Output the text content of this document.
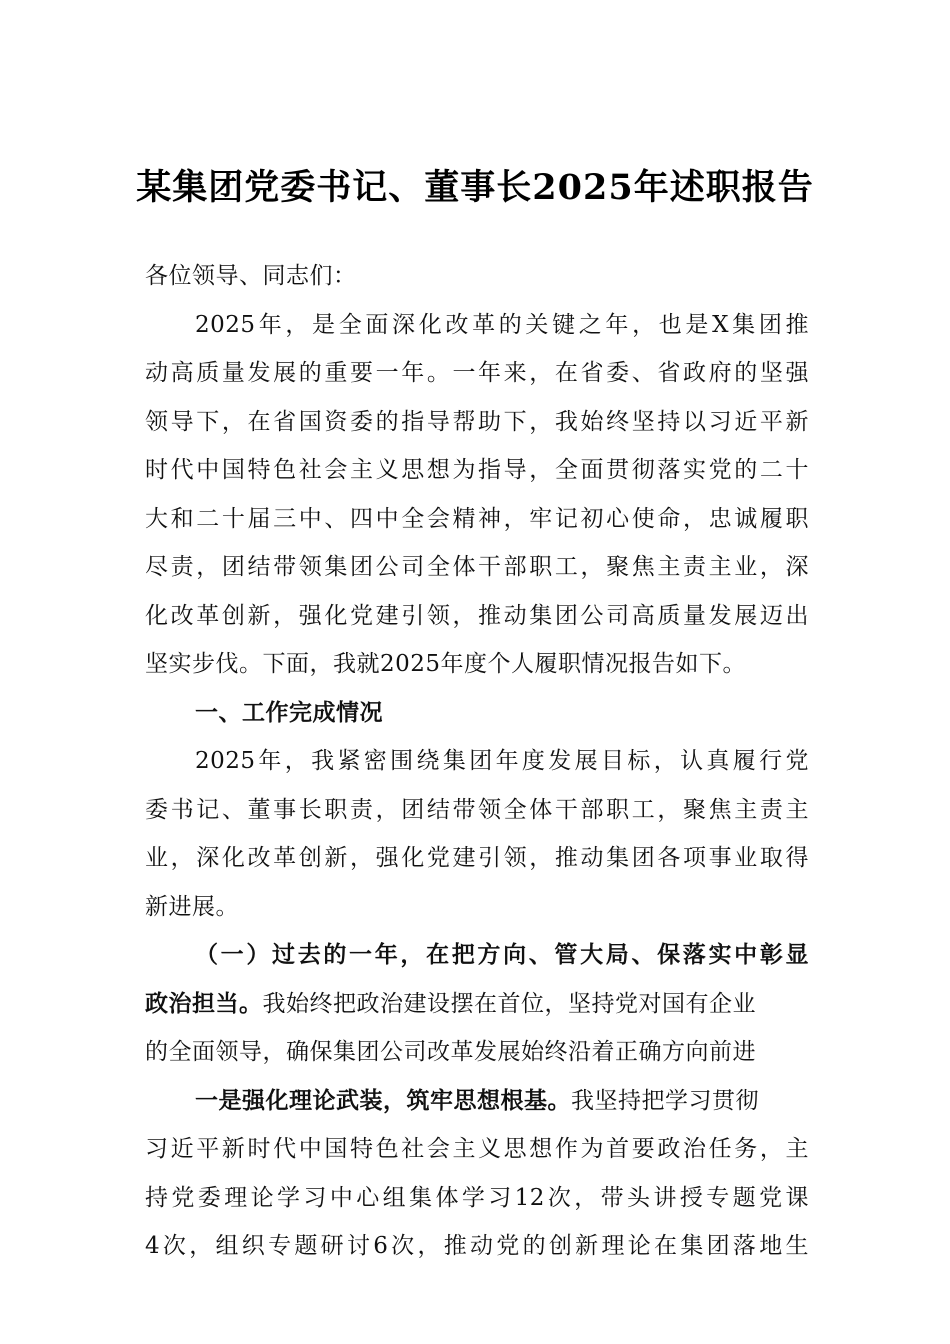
某集团党委书记、董事长2025年述职报告
各位领导、同志们：
2025年，是全面深化改革的关键之年，也是X集团推
动高质量发展的重要一年。一年来，在省委、省政府的坚强
领导下，在省国资委的指导帮助下，我始终坚持以习近平新
时代中国特色社会主义思想为指导，全面贯彻落实党的二十
大和二十届三中、四中全会精神，牢记初心使命，忠诚履职
尽责，团结带领集团公司全体干部职工，聚焦主责主业，深
化改革创新，强化党建引领，推动集团公司高质量发展迈出
坚实步伐。下面，我就2025年度个人履职情况报告如下。
一、工作完成情况
2025年，我紧密围绕集团年度发展目标，认真履行党
委书记、董事长职责，团结带领全体干部职工，聚焦主责主
业，深化改革创新，强化党建引领，推动集团各项事业取得
新进展。
（一）过去的一年，在把方向、管大局、保落实中彰显
政治担当。我始终把政治建设摆在首位，坚持党对国有企业
的全面领导，确保集团公司改革发展始终沿着正确方向前进
一是强化理论武装，筑牢思想根基。我坚持把学习贯彻
习近平新时代中国特色社会主义思想作为首要政治任务，主
持党委理论学习中心组集体学习12次，带头讲授专题党课
4次，组织专题研讨6次，推动党的创新理论在集团落地生
